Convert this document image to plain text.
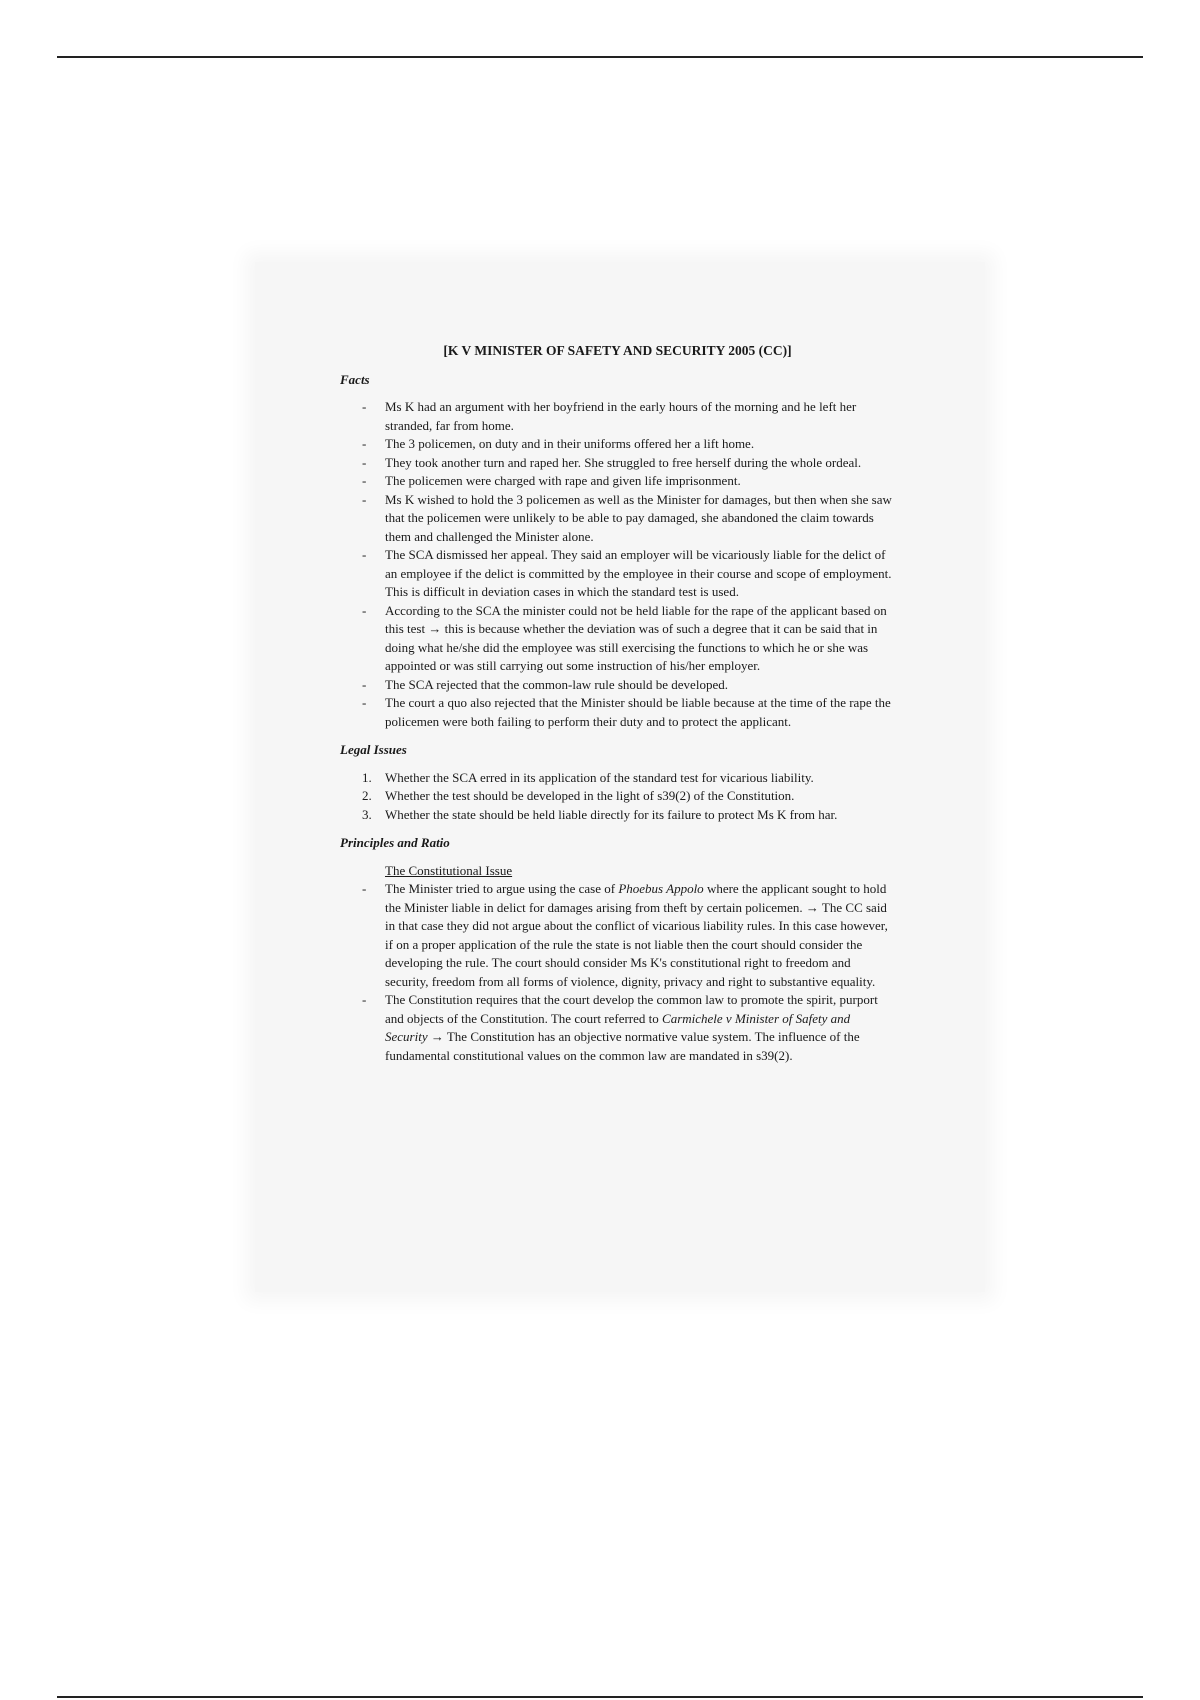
[K V MINISTER OF SAFETY AND SECURITY 2005 (CC)]
Facts
- Ms K had an argument with her boyfriend in the early hours of the morning and he left her stranded, far from home.
- The 3 policemen, on duty and in their uniforms offered her a lift home.
- They took another turn and raped her. She struggled to free herself during the whole ordeal.
- The policemen were charged with rape and given life imprisonment.
- Ms K wished to hold the 3 policemen as well as the Minister for damages, but then when she saw that the policemen were unlikely to be able to pay damaged, she abandoned the claim towards them and challenged the Minister alone.
- The SCA dismissed her appeal. They said an employer will be vicariously liable for the delict of an employee if the delict is committed by the employee in their course and scope of employment. This is difficult in deviation cases in which the standard test is used.
- According to the SCA the minister could not be held liable for the rape of the applicant based on this test → this is because whether the deviation was of such a degree that it can be said that in doing what he/she did the employee was still exercising the functions to which he or she was appointed or was still carrying out some instruction of his/her employer.
- The SCA rejected that the common-law rule should be developed.
- The court a quo also rejected that the Minister should be liable because at the time of the rape the policemen were both failing to perform their duty and to protect the applicant.
Legal Issues
1. Whether the SCA erred in its application of the standard test for vicarious liability.
2. Whether the test should be developed in the light of s39(2) of the Constitution.
3. Whether the state should be held liable directly for its failure to protect Ms K from har.
Principles and Ratio
The Constitutional Issue
- The Minister tried to argue using the case of Phoebus Appolo where the applicant sought to hold the Minister liable in delict for damages arising from theft by certain policemen. → The CC said in that case they did not argue about the conflict of vicarious liability rules. In this case however, if on a proper application of the rule the state is not liable then the court should consider the developing the rule. The court should consider Ms K's constitutional right to freedom and security, freedom from all forms of violence, dignity, privacy and right to substantive equality.
- The Constitution requires that the court develop the common law to promote the spirit, purport and objects of the Constitution. The court referred to Carmichele v Minister of Safety and Security → The Constitution has an objective normative value system. The influence of the fundamental constitutional values on the common law are mandated in s39(2).
